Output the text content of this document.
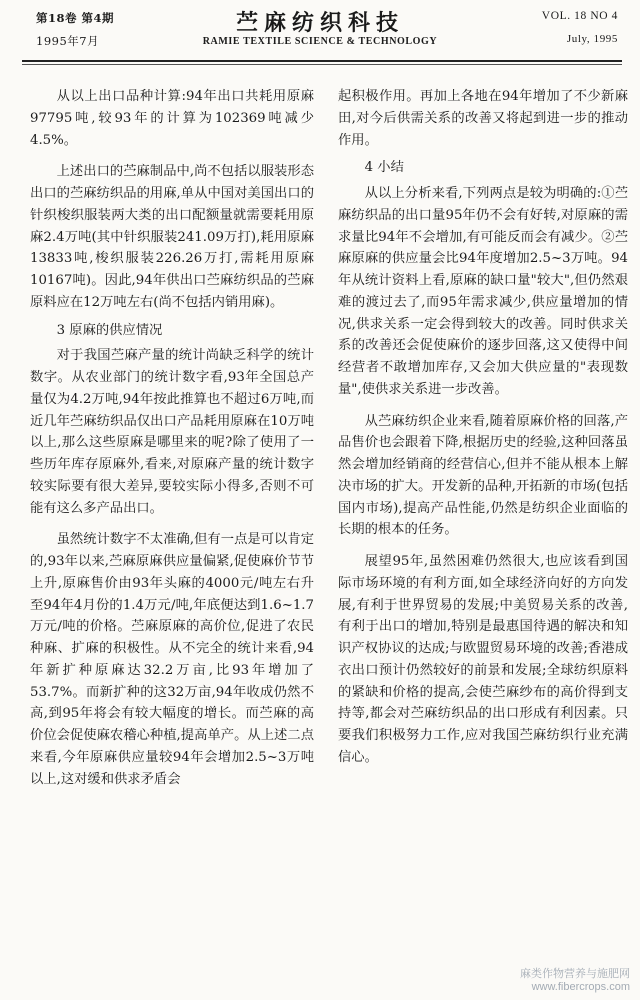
第18卷 第4期
1995年7月
苎麻纺织科技
RAMIE TEXTILE SCIENCE & TECHNOLOGY
VOL. 18 NO 4
July, 1995

从以上出口品种计算:94年出口共耗用原麻97795吨,较93年的计算为102369吨减少4.5%。

上述出口的苎麻制品中,尚不包括以服装形态出口的苎麻纺织品的用麻,单从中国对美国出口的针织梭织服装两大类的出口配额量就需要耗用原麻2.4万吨(其中针织服装241.09万打),耗用原麻13833吨,梭织服装226.26万打,需耗用原麻10167吨)。因此,94年供出口苎麻纺织品的苎麻原料应在12万吨左右(尚不包括内销用麻)。

3 原麻的供应情况

对于我国苎麻产量的统计尚缺乏科学的统计数字。从农业部门的统计数字看,93年全国总产量仅为4.2万吨,94年按此推算也不超过6万吨,而近几年苎麻纺织品仅出口产品耗用原麻在10万吨以上,那么这些原麻是哪里来的呢?除了使用了一些历年库存原麻外,看来,对原麻产量的统计数字较实际要有很大差异,要较实际小得多,否则不可能有这么多产品出口。

虽然统计数字不太准确,但有一点是可以肯定的,93年以来,苎麻原麻供应量偏紧,促使麻价节节上升,原麻售价由93年头麻的4000元/吨左右升至94年4月份的1.4万元/吨,年底便达到1.6~1.7万元/吨的价格。苎麻原麻的高价位,促进了农民种麻、扩麻的积极性。从不完全的统计来看,94年新扩种原麻达32.2万亩,比93年增加了53.7%。而新扩种的这32万亩,94年收成仍然不高,到95年将会有较大幅度的增长。而苎麻的高价位会促使麻农稽心种植,提高单产。从上述二点来看,今年原麻供应量较94年会增加2.5~3万吨以上,这对缓和供求矛盾会

起积极作用。再加上各地在94年增加了不少新麻田,对今后供需关系的改善又将起到进一步的推动作用。

4 小结

从以上分析来看,下列两点是较为明确的:①苎麻纺织品的出口量95年仍不会有好转,对原麻的需求量比94年不会增加,有可能反而会有减少。②苎麻原麻的供应量会比94年度增加2.5~3万吨。94年从统计资料上看,原麻的缺口量"较大",但仍然艰难的渡过去了,而95年需求减少,供应量增加的情况,供求关系一定会得到较大的改善。同时供求关系的改善还会促使麻价的逐步回落,这又使得中间经营者不敢增加库存,又会加大供应量的"表现数量",使供求关系进一步改善。

从苎麻纺织企业来看,随着原麻价格的回落,产品售价也会跟着下降,根据历史的经验,这种回落虽然会增加经销商的经营信心,但并不能从根本上解决市场的扩大。开发新的品种,开拓新的市场(包括国内市场),提高产品性能,仍然是纺织企业面临的长期的根本的任务。

展望95年,虽然困难仍然很大,也应该看到国际市场环境的有利方面,如全球经济向好的方向发展,有利于世界贸易的发展;中美贸易关系的改善,有利于出口的增加,特别是最惠国待遇的解决和知识产权协议的达成;与欧盟贸易环境的改善;香港成衣出口预计仍然较好的前景和发展;全球纺织原料的紧缺和价格的提高,会使苎麻纱布的高价得到支持等,都会对苎麻纺织品的出口形成有利因素。只要我们积极努力工作,应对我国苎麻纺织行业充满信心。

麻类作物营养与施肥网
www.fibercrops.com
